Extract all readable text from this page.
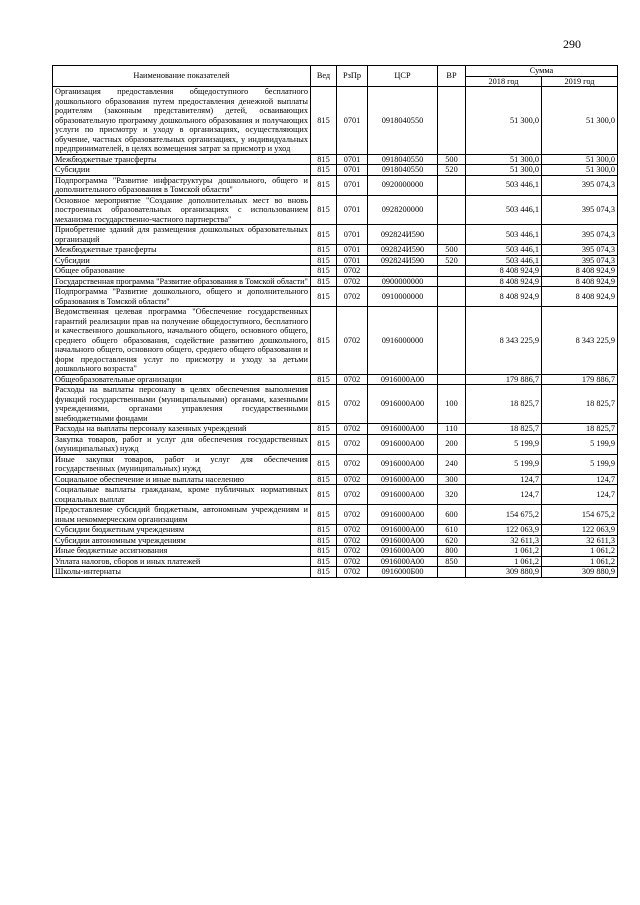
290
Наименование показателей	Вед	РзПр	ЦСР	ВР	Сумма	
					2018 год	2019 год
Организация предоставления общедоступного бесплатного дошкольного образования путем предоставления денежной выплаты родителям (законным представителям) детей, осваивающих образовательную программу дошкольного образования и получающих услуги по присмотру и уходу в организациях, осуществляющих обучение, частных образовательных организациях, у индивидуальных предпринимателей, в целях возмещения затрат за присмотр и уход	815	0701	0918040550		51 300,0	51 300,0
Межбюджетные трансферты	815	0701	0918040550	500	51 300,0	51 300,0
Субсидии	815	0701	0918040550	520	51 300,0	51 300,0
Подпрограмма "Развитие инфраструктуры дошкольного, общего и дополнительного образования в Томской области"	815	0701	0920000000		503 446,1	395 074,3
Основное мероприятие "Создание дополнительных мест во вновь построенных образовательных организациях с использованием механизма государственно-частного партнерства"	815	0701	0928200000		503 446,1	395 074,3
Приобретение зданий для размещения дошкольных образовательных организаций	815	0701	092824И590		503 446,1	395 074,3
Межбюджетные трансферты	815	0701	092824И590	500	503 446,1	395 074,3
Субсидии	815	0701	092824И590	520	503 446,1	395 074,3
Общее образование	815	0702			8 408 924,9	8 408 924,9
Государственная программа "Развитие образования в Томской области"	815	0702	0900000000		8 408 924,9	8 408 924,9
Подпрограмма "Развитие дошкольного, общего и дополнительного образования в Томской области"	815	0702	0910000000		8 408 924,9	8 408 924,9
Ведомственная целевая программа "Обеспечение государственных гарантий реализации прав на получение общедоступного, бесплатного и качественного дошкольного, начального общего, основного общего, среднего общего образования, содействие развитию дошкольного, начального общего, основного общего, среднего общего образования и форм предоставления услуг по присмотру и уходу за детьми дошкольного возраста"	815	0702	0916000000		8 343 225,9	8 343 225,9
Общеобразовательные организации	815	0702	0916000А00		179 886,7	179 886,7
Расходы на выплаты персоналу в целях обеспечения выполнения функций государственными (муниципальными) органами, казенными учреждениями, органами управления государственными внебюджетными фондами	815	0702	0916000А00	100	18 825,7	18 825,7
Расходы на выплаты персоналу казенных учреждений	815	0702	0916000А00	110	18 825,7	18 825,7
Закупка товаров, работ и услуг для обеспечения государственных (муниципальных) нужд	815	0702	0916000А00	200	5 199,9	5 199,9
Иные закупки товаров, работ и услуг для обеспечения государственных (муниципальных) нужд	815	0702	0916000А00	240	5 199,9	5 199,9
Социальное обеспечение и иные выплаты населению	815	0702	0916000А00	300	124,7	124,7
Социальные выплаты гражданам, кроме публичных нормативных социальных выплат	815	0702	0916000А00	320	124,7	124,7
Предоставление субсидий бюджетным, автономным учреждениям и иным некоммерческим организациям	815	0702	0916000А00	600	154 675,2	154 675,2
Субсидии бюджетным учреждениям	815	0702	0916000А00	610	122 063,9	122 063,9
Субсидии автономным учреждениям	815	0702	0916000А00	620	32 611,3	32 611,3
Иные бюджетные ассигнования	815	0702	0916000А00	800	1 061,2	1 061,2
Уплата налогов, сборов и иных платежей	815	0702	0916000А00	850	1 061,2	1 061,2
Школы-интернаты	815	0702	0916000Б00		309 880,9	309 880,9
